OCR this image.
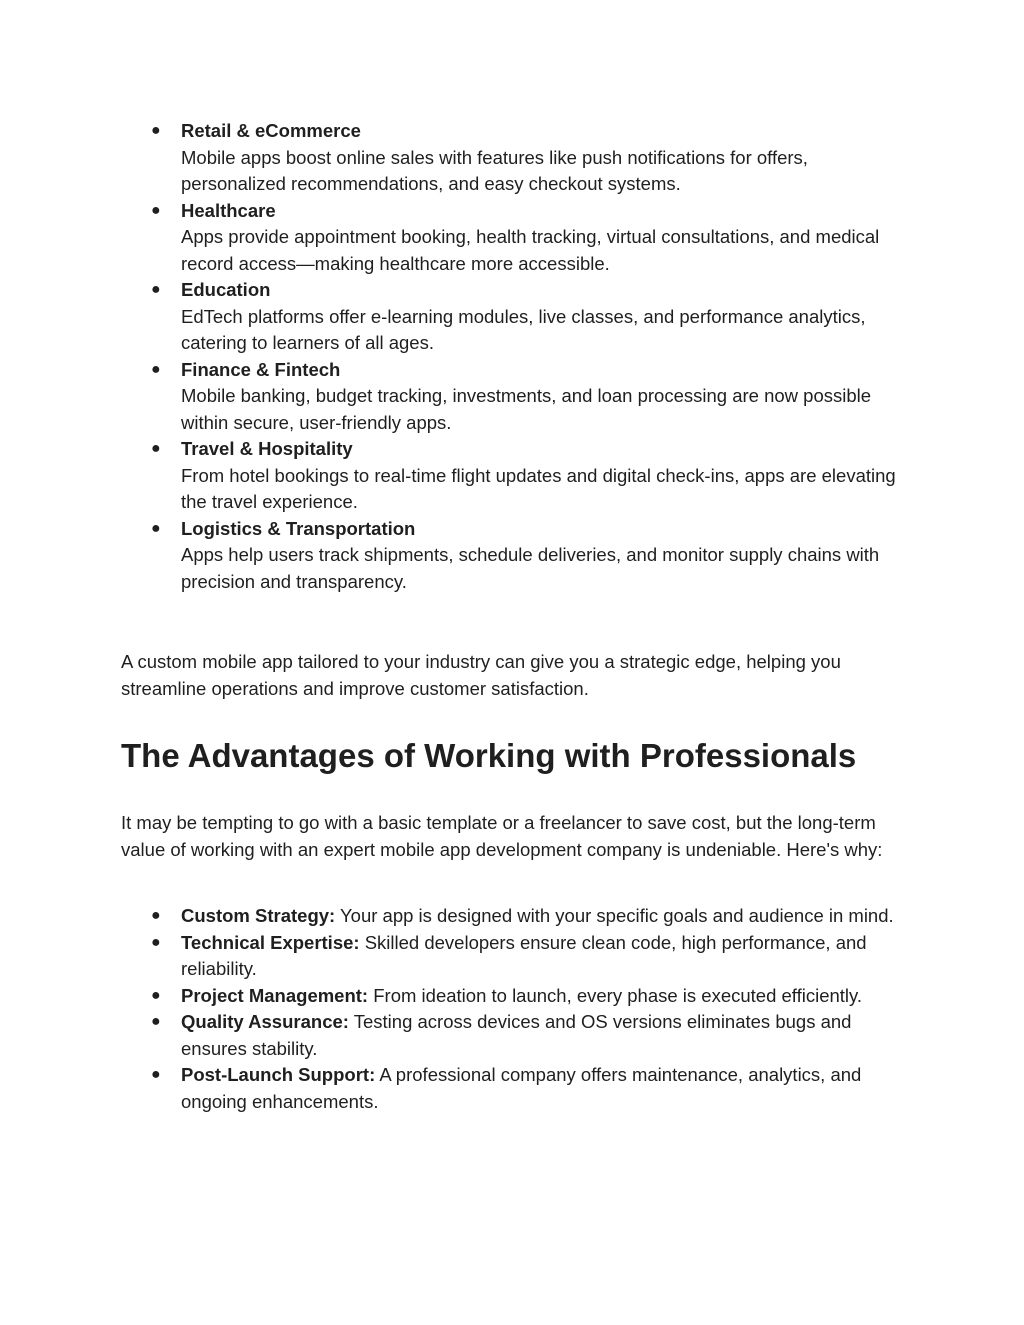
● Retail & eCommerce
Mobile apps boost online sales with features like push notifications for offers, personalized recommendations, and easy checkout systems.
● Healthcare
Apps provide appointment booking, health tracking, virtual consultations, and medical record access—making healthcare more accessible.
● Education
EdTech platforms offer e-learning modules, live classes, and performance analytics, catering to learners of all ages.
● Finance & Fintech
Mobile banking, budget tracking, investments, and loan processing are now possible within secure, user-friendly apps.
● Travel & Hospitality
From hotel bookings to real-time flight updates and digital check-ins, apps are elevating the travel experience.
● Logistics & Transportation
Apps help users track shipments, schedule deliveries, and monitor supply chains with precision and transparency.

A custom mobile app tailored to your industry can give you a strategic edge, helping you streamline operations and improve customer satisfaction.

The Advantages of Working with Professionals

It may be tempting to go with a basic template or a freelancer to save cost, but the long-term value of working with an expert mobile app development company is undeniable. Here's why:

● Custom Strategy: Your app is designed with your specific goals and audience in mind.
● Technical Expertise: Skilled developers ensure clean code, high performance, and reliability.
● Project Management: From ideation to launch, every phase is executed efficiently.
● Quality Assurance: Testing across devices and OS versions eliminates bugs and ensures stability.
● Post-Launch Support: A professional company offers maintenance, analytics, and ongoing enhancements.
